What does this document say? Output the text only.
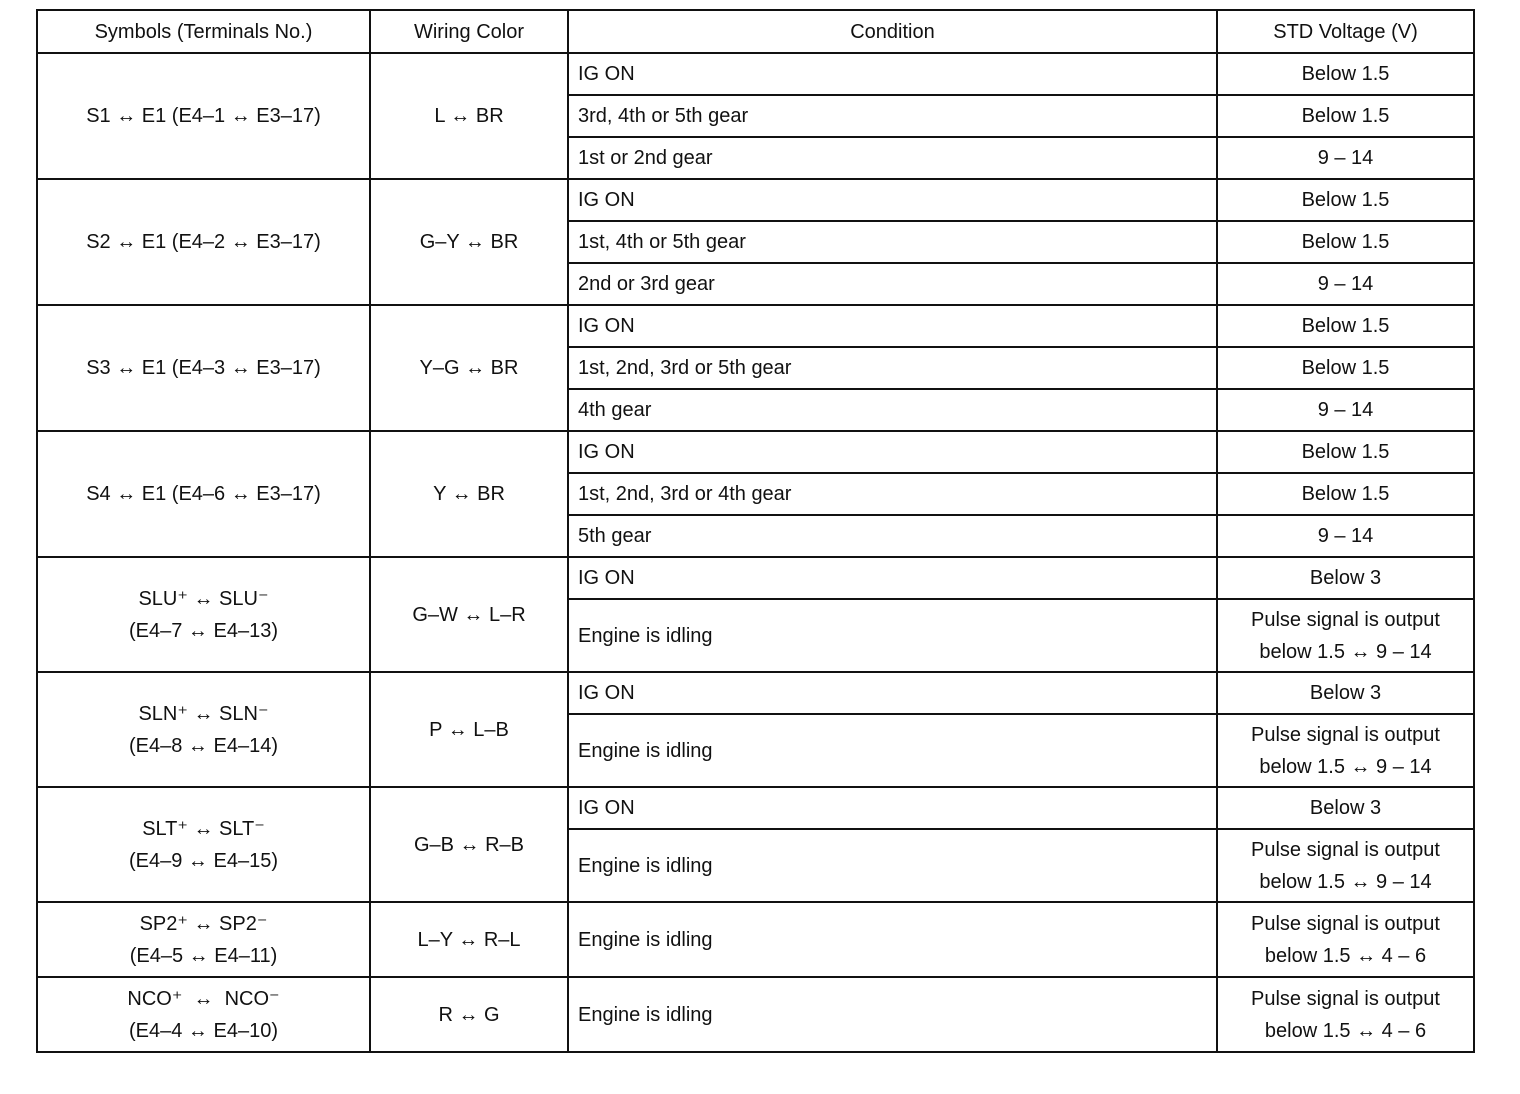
Symbols (Terminals No.)	Wiring Color	Condition	STD Voltage (V)

S1 ↔ E1 (E4–1 ↔ E3–17)	L ↔ BR	IG ON	Below 1.5

		3rd, 4th or 5th gear	Below 1.5

		1st or 2nd gear	9 – 14

S2 ↔ E1 (E4–2 ↔ E3–17)	G–Y ↔ BR	IG ON	Below 1.5

		1st, 4th or 5th gear	Below 1.5

		2nd or 3rd gear	9 – 14

S3 ↔ E1 (E4–3 ↔ E3–17)	Y–G ↔ BR	IG ON	Below 1.5

		1st, 2nd, 3rd or 5th gear	Below 1.5

		4th gear	9 – 14

S4 ↔ E1 (E4–6 ↔ E3–17)	Y ↔ BR	IG ON	Below 1.5

		1st, 2nd, 3rd or 4th gear	Below 1.5

		5th gear	9 – 14

SLU⁺ ↔ SLU⁻
(E4–7 ↔ E4–13)	G–W ↔ L–R	IG ON	Below 3

		Engine is idling	Pulse signal is output
below 1.5 ↔ 9 – 14

SLN⁺ ↔ SLN⁻
(E4–8 ↔ E4–14)	P ↔ L–B	IG ON	Below 3

		Engine is idling	Pulse signal is output
below 1.5 ↔ 9 – 14

SLT⁺ ↔ SLT⁻
(E4–9 ↔ E4–15)	G–B ↔ R–B	IG ON	Below 3

		Engine is idling	Pulse signal is output
below 1.5 ↔ 9 – 14

SP2⁺ ↔ SP2⁻
(E4–5 ↔ E4–11)	L–Y ↔ R–L	Engine is idling	Pulse signal is output
below 1.5 ↔ 4 – 6

NCO⁺  ↔  NCO⁻
(E4–4 ↔ E4–10)	R ↔ G	Engine is idling	Pulse signal is output
below 1.5 ↔ 4 – 6
